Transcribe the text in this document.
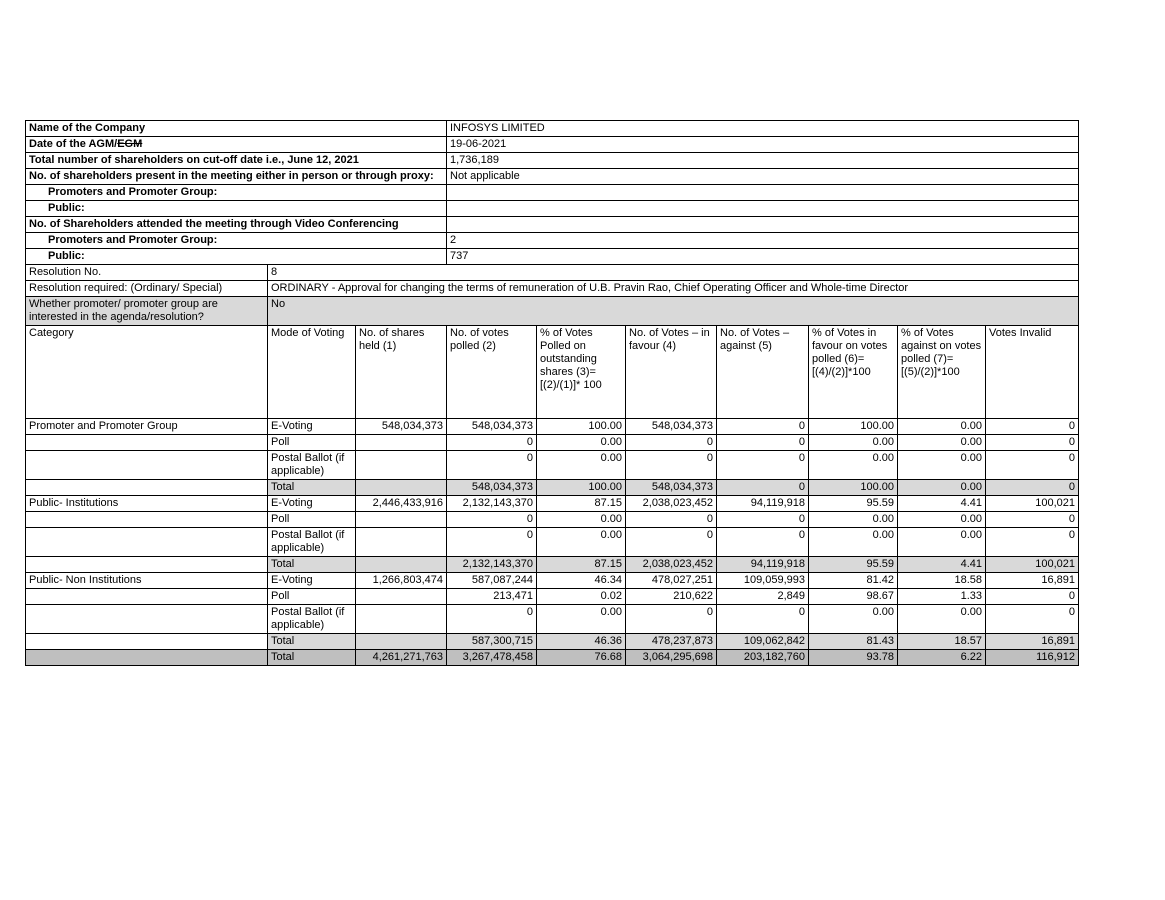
Name of the Company			INFOSYS LIMITED						
Date of the AGM/EGM			19-06-2021						
Total number of shareholders on cut-off date i.e., June 12, 2021			1,736,189						
No. of shareholders present in the meeting either in person or through proxy:			Not applicable						
Promoters and Promoter Group:									
Public:									
No. of Shareholders attended the meeting through Video Conferencing									
Promoters and Promoter Group:			2						
Public:			737						
Resolution No.	8								
Resolution required: (Ordinary/ Special)	ORDINARY - Approval for changing the terms of remuneration of U.B. Pravin Rao, Chief Operating Officer and Whole-time Director								
Whether promoter/ promoter group are interested in the agenda/resolution?	No								
Category	Mode of Voting	No. of shares held (1)	No. of votes polled (2)	% of Votes Polled on outstanding shares (3)=[(2)/(1)]* 100	No. of Votes – in favour (4)	No. of Votes – against (5)	% of Votes in favour on votes polled (6)=[(4)/(2)]*100	% of Votes against on votes polled (7)=[(5)/(2)]*100	Votes Invalid
Promoter and Promoter Group	E-Voting	548,034,373	548,034,373	100.00	548,034,373	0	100.00	0.00	0
	Poll		0	0.00	0	0	0.00	0.00	0
	Postal Ballot (if applicable)		0	0.00	0	0	0.00	0.00	0
	Total		548,034,373	100.00	548,034,373	0	100.00	0.00	0
Public- Institutions	E-Voting	2,446,433,916	2,132,143,370	87.15	2,038,023,452	94,119,918	95.59	4.41	100,021
	Poll		0	0.00	0	0	0.00	0.00	0
	Postal Ballot (if applicable)		0	0.00	0	0	0.00	0.00	0
	Total		2,132,143,370	87.15	2,038,023,452	94,119,918	95.59	4.41	100,021
Public- Non Institutions	E-Voting	1,266,803,474	587,087,244	46.34	478,027,251	109,059,993	81.42	18.58	16,891
	Poll		213,471	0.02	210,622	2,849	98.67	1.33	0
	Postal Ballot (if applicable)		0	0.00	0	0	0.00	0.00	0
	Total		587,300,715	46.36	478,237,873	109,062,842	81.43	18.57	16,891
	Total	4,261,271,763	3,267,478,458	76.68	3,064,295,698	203,182,760	93.78	6.22	116,912
